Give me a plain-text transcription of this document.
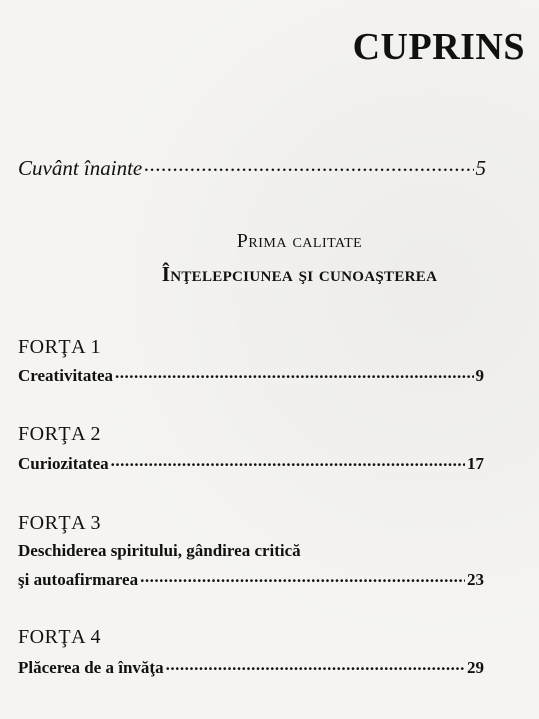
CUPRINS
Cuvânt înainte .....	5
Prima calitate
Înţelepciunea şi cunoaşterea
FORŢA 1
Creativitatea .....	9
FORŢA 2
Curiozitatea .....	17
FORŢA 3
Deschiderea spiritului, gândirea critică
şi autoafirmarea .....	23
FORŢA 4
Plăcerea de a învăţa .....	29
